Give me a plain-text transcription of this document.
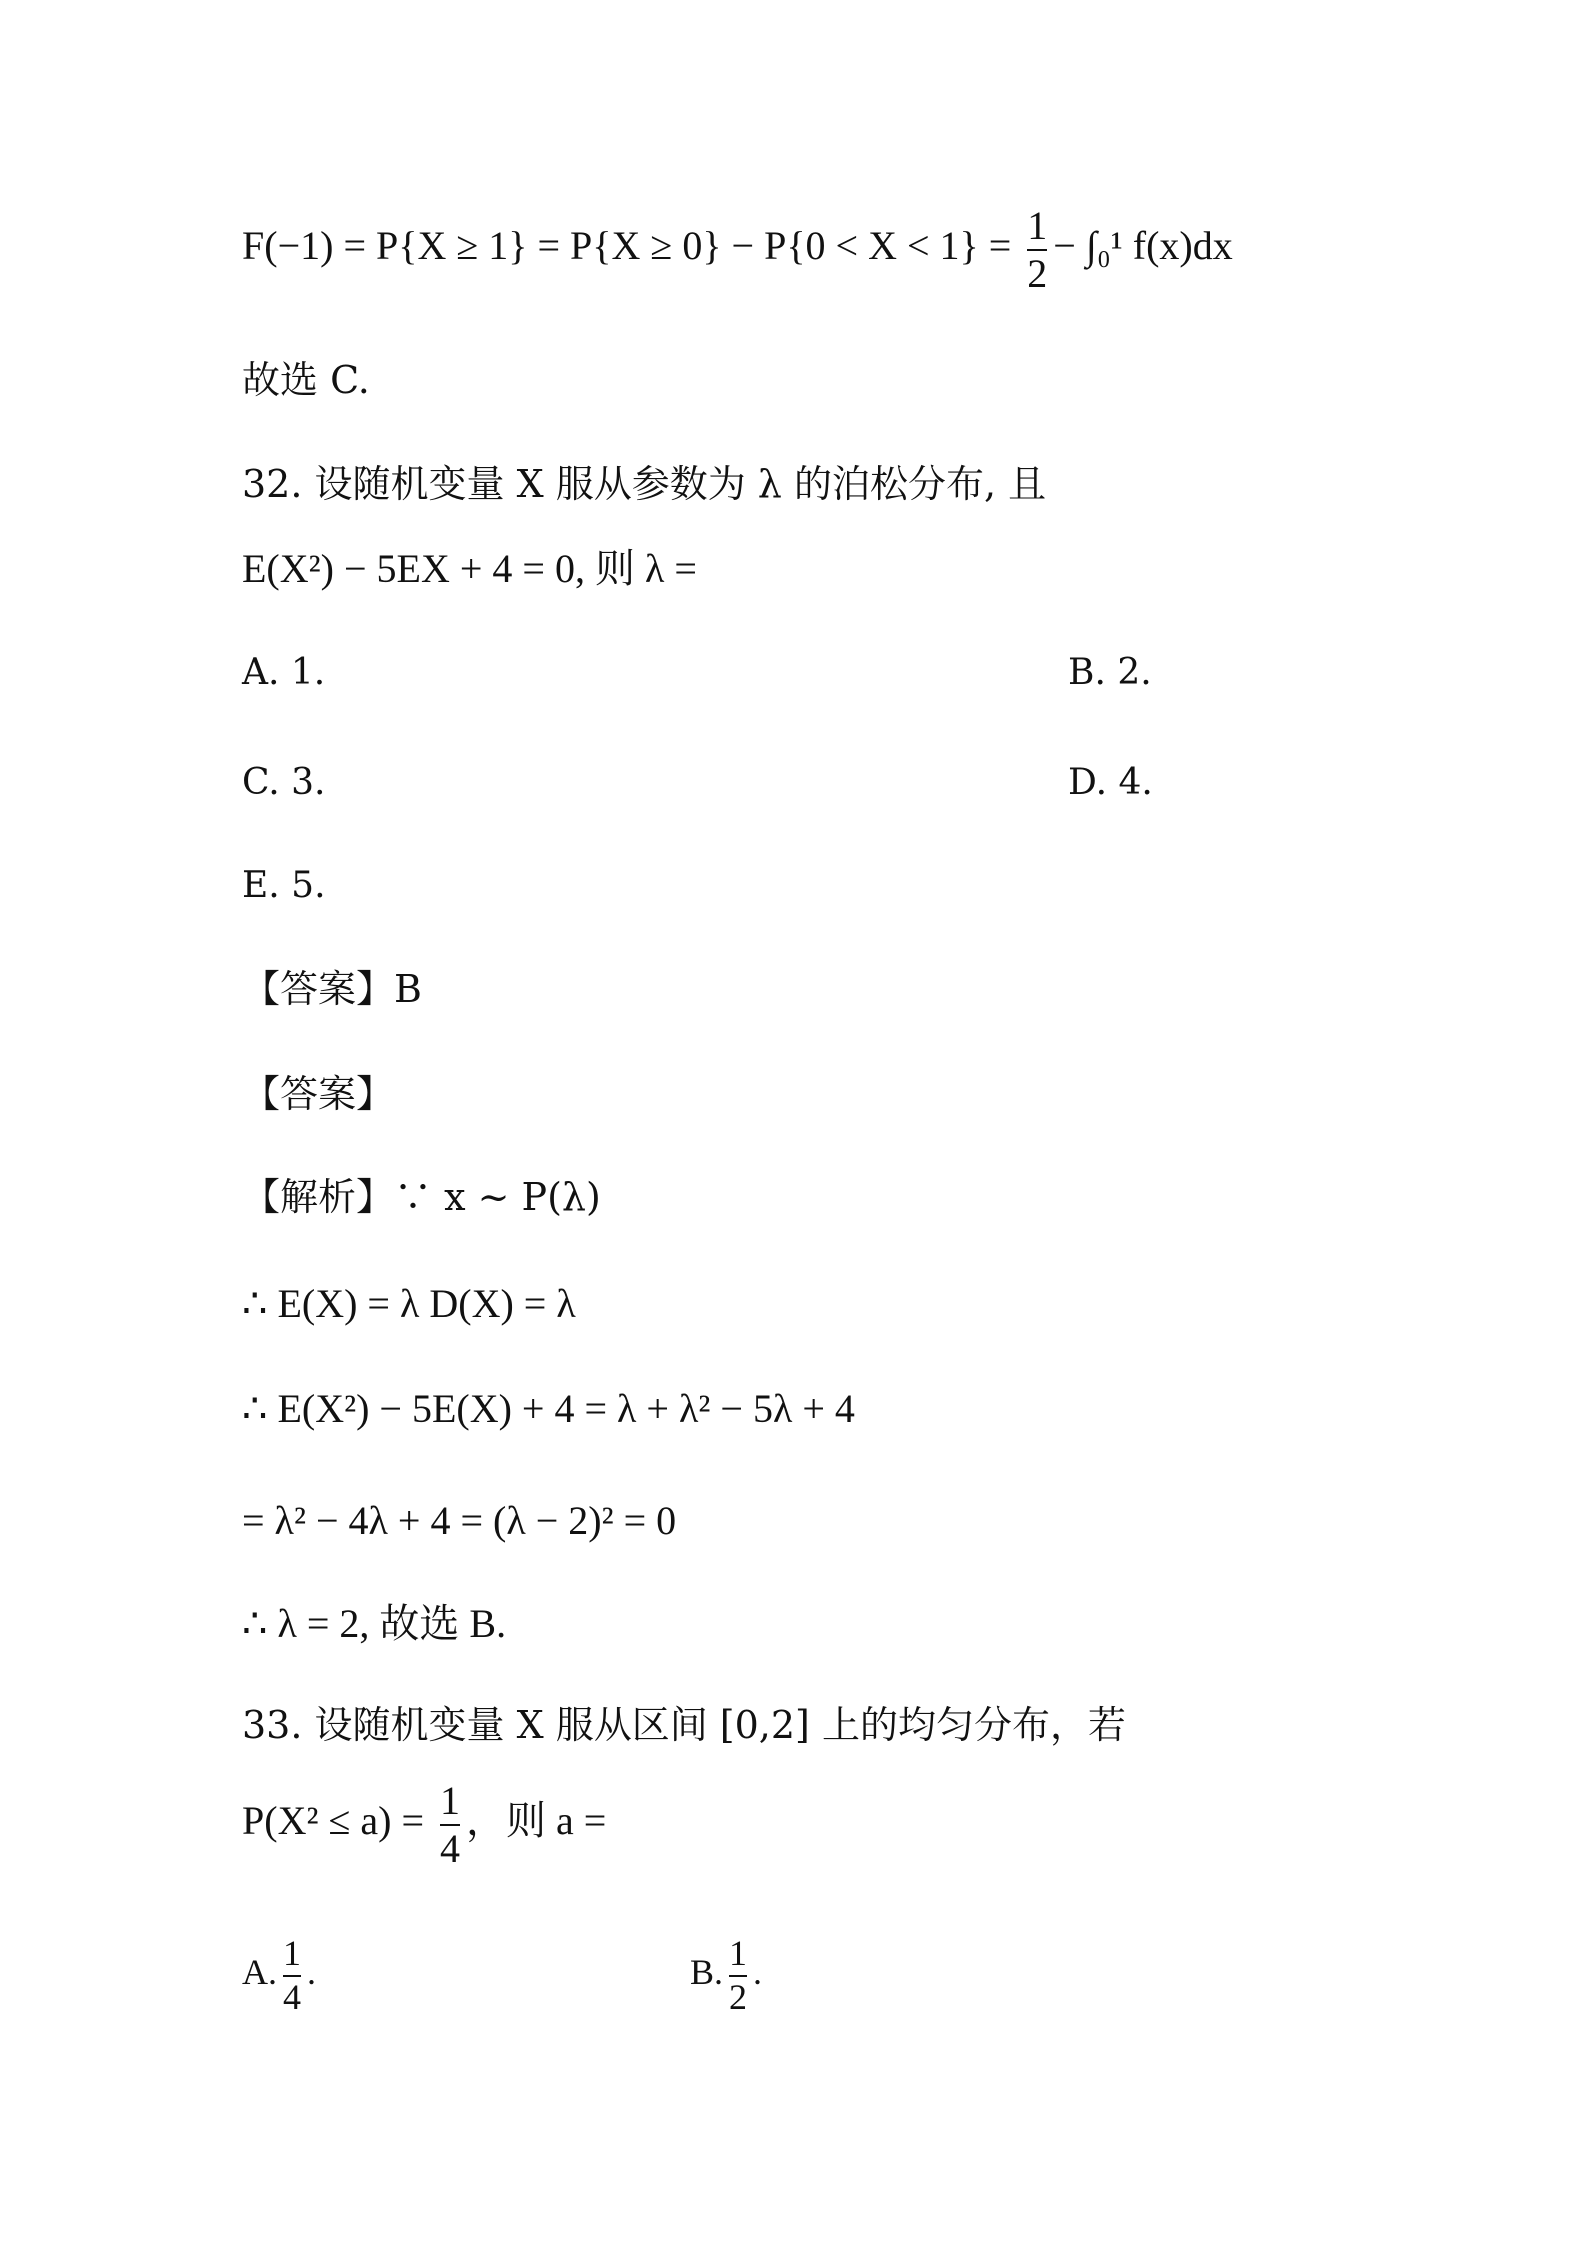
$F(-1) = P\{X \ge 1\} = P\{X \ge 0\} - P\{0 < X < 1\} = \frac{1}{2} - \int_0^1$ f(x)dx
故选 C.
32. 设随机变量 X 服从参数为 λ 的泊松分布, 且
E(X²) − 5EX + 4 = 0, 则 λ =
A. 1.	B. 2.
C. 3.	D. 4.
E. 5.
【答案】B
【答案】
【解析】∵ x ~ P(λ)
∴ E(X) = λ D(X) = λ
∴ E(X²) − 5E(X) + 4 = λ + λ² − 5λ + 4
= λ² − 4λ + 4 = (λ − 2)² = 0
∴ λ = 2, 故选 B.
33. 设随机变量 X 服从区间 [0,2] 上的均匀分布，若
$P(X^2 \le a) = \frac{1}{4}$ ，则 a =
A. $\frac{1}{4}$ .	B. $\frac{1}{2}$ .
